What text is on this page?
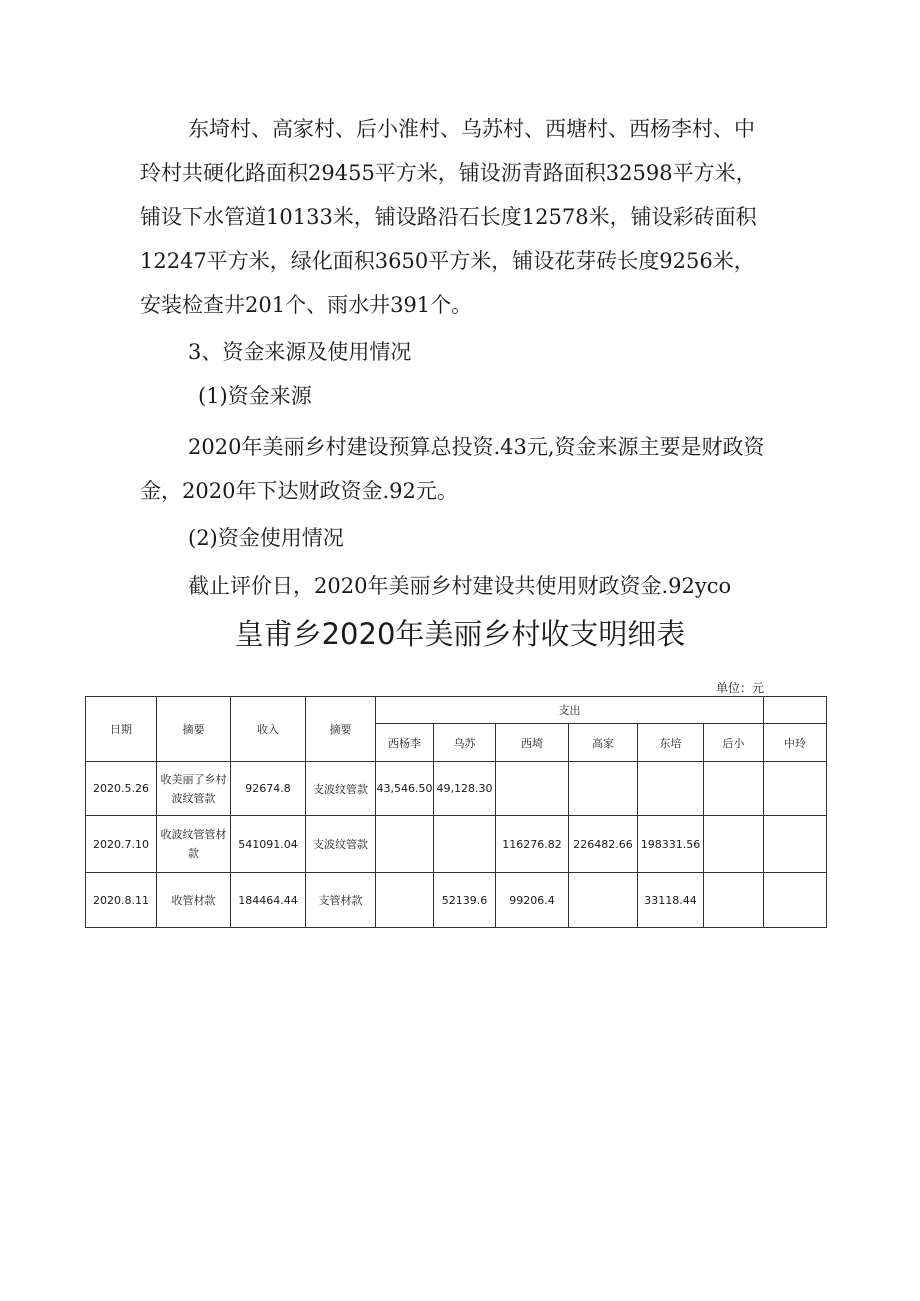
东埼村、高家村、后小淮村、乌苏村、西塘村、西杨李村、中

玲村共硬化路面积29455平方米，铺设沥青路面积32598平方米，

铺设下水管道10133米，铺设路沿石长度12578米，铺设彩砖面积

12247平方米，绿化面积3650平方米，铺设花芽砖长度9256米，

安装检查井201个、雨水井391个。

3、资金来源及使用情况

(1)资金来源

2020年美丽乡村建设预算总投资.43元,资金来源主要是财政资

金，2020年下达财政资金.92元。

(2)资金使用情况

截止评价日，2020年美丽乡村建设共使用财政资金.92yco

皇甫乡2020年美丽乡村收支明细表

单位：元
日期	摘要	收入	摘要	支出						
				西杨李	乌苏	西埼	高家	东培	后小	中玲
2020.5.26	收美丽了乡村波纹管款	92674.8	支波纹管款	43,546.50	49,128.30					
2020.7.10	收波纹管管材款	541091.04	支波纹管款			116276.82	226482.66	198331.56		
2020.8.11	收管材款	184464.44	支管材款		52139.6	99206.4		33118.44		
